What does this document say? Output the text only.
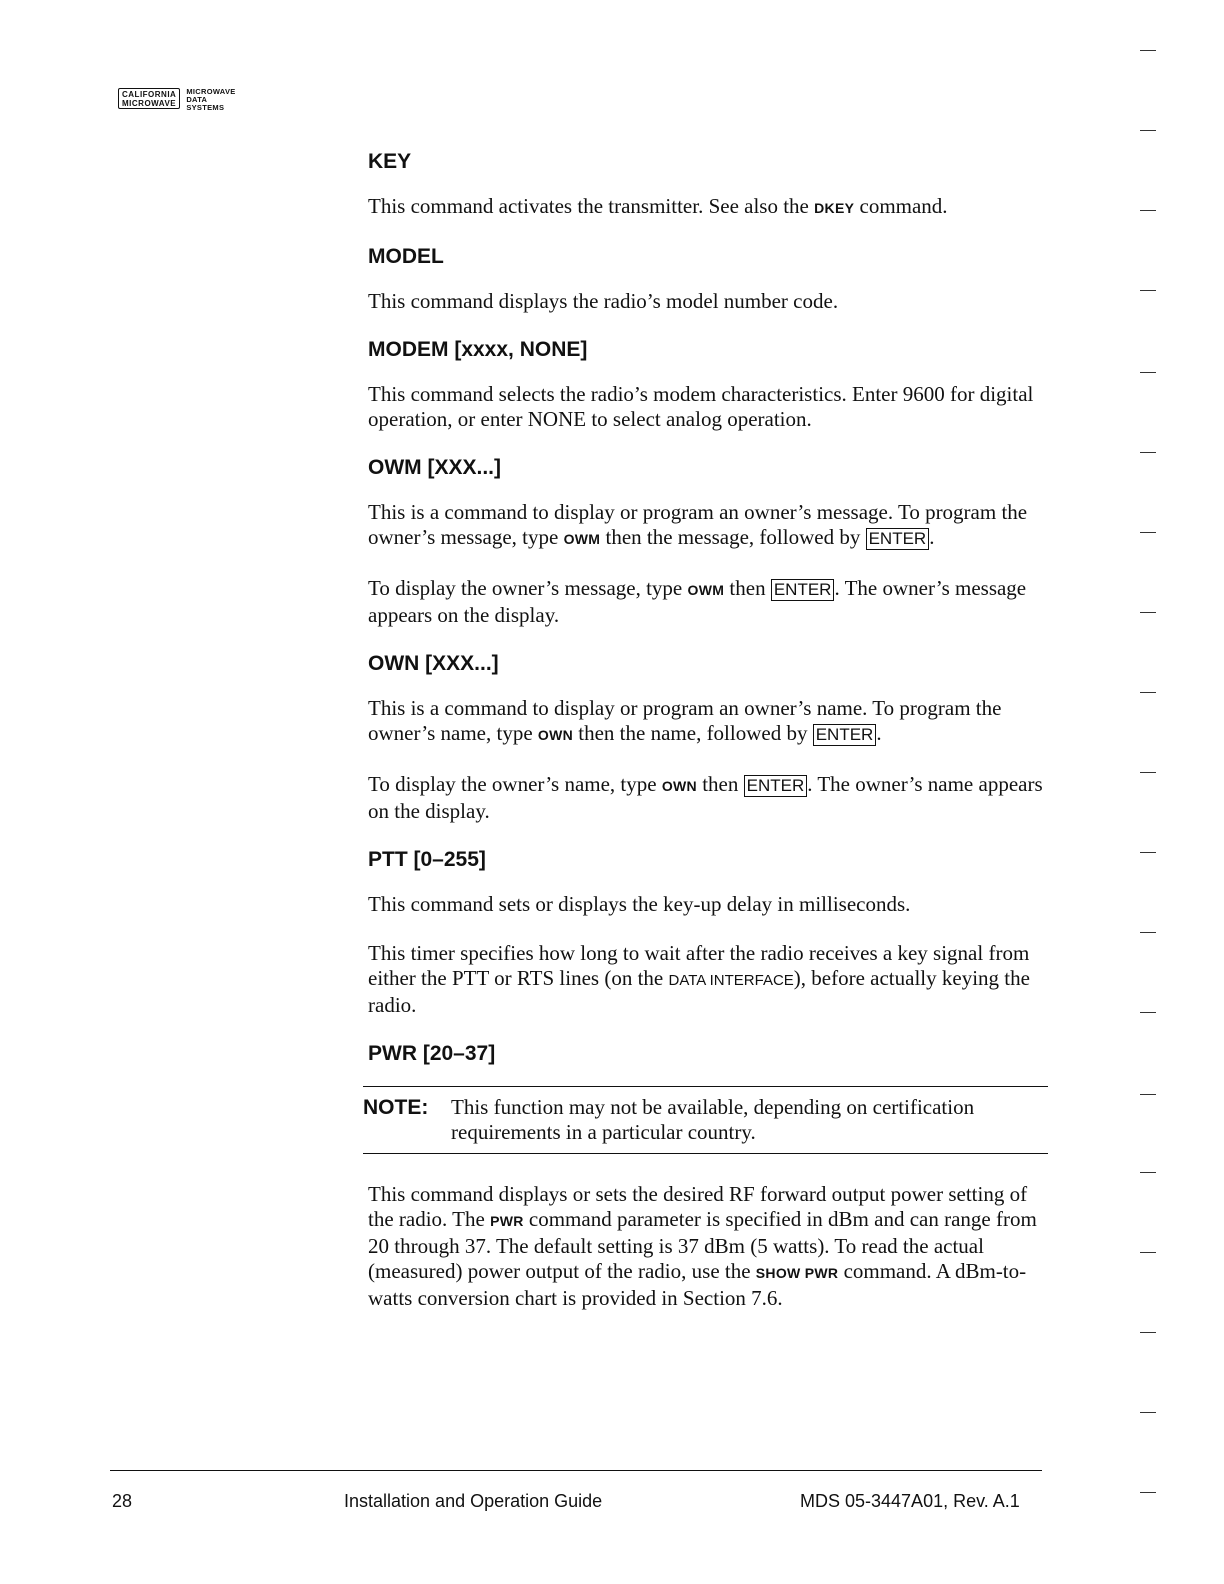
CALIFORNIA
MICROWAVE
MICROWAVE
DATA
SYSTEMS
KEY

This command activates the transmitter. See also the DKEY command.

MODEL

This command displays the radio’s model number code.

MODEM [xxxx, NONE]

This command selects the radio’s modem characteristics. Enter 9600 for digital operation, or enter NONE to select analog operation.

OWM [XXX...]

This is a command to display or program an owner’s message. To program the owner’s message, type OWM then the message, followed by ENTER .

To display the owner’s message, type OWM then ENTER . The owner’s message appears on the display.

OWN [XXX...]

This is a command to display or program an owner’s name. To program the owner’s name, type OWN then the name, followed by ENTER .

To display the owner’s name, type OWN then ENTER . The owner’s name appears on the display.

PTT [0–255]

This command sets or displays the key-up delay in milliseconds.

This timer specifies how long to wait after the radio receives a key signal from either the PTT or RTS lines (on the DATA INTERFACE), before actually keying the radio.

PWR [20–37]
NOTE:	This function may not be available, depending on certification requirements in a particular country.

This command displays or sets the desired RF forward output power setting of the radio. The PWR command parameter is specified in dBm and can range from 20 through 37. The default setting is 37 dBm (5 watts). To read the actual (measured) power output of the radio, use the SHOW PWR command. A dBm-to-watts conversion chart is provided in Section 7.6.

28	Installation and Operation Guide	MDS 05-3447A01, Rev. A.1
